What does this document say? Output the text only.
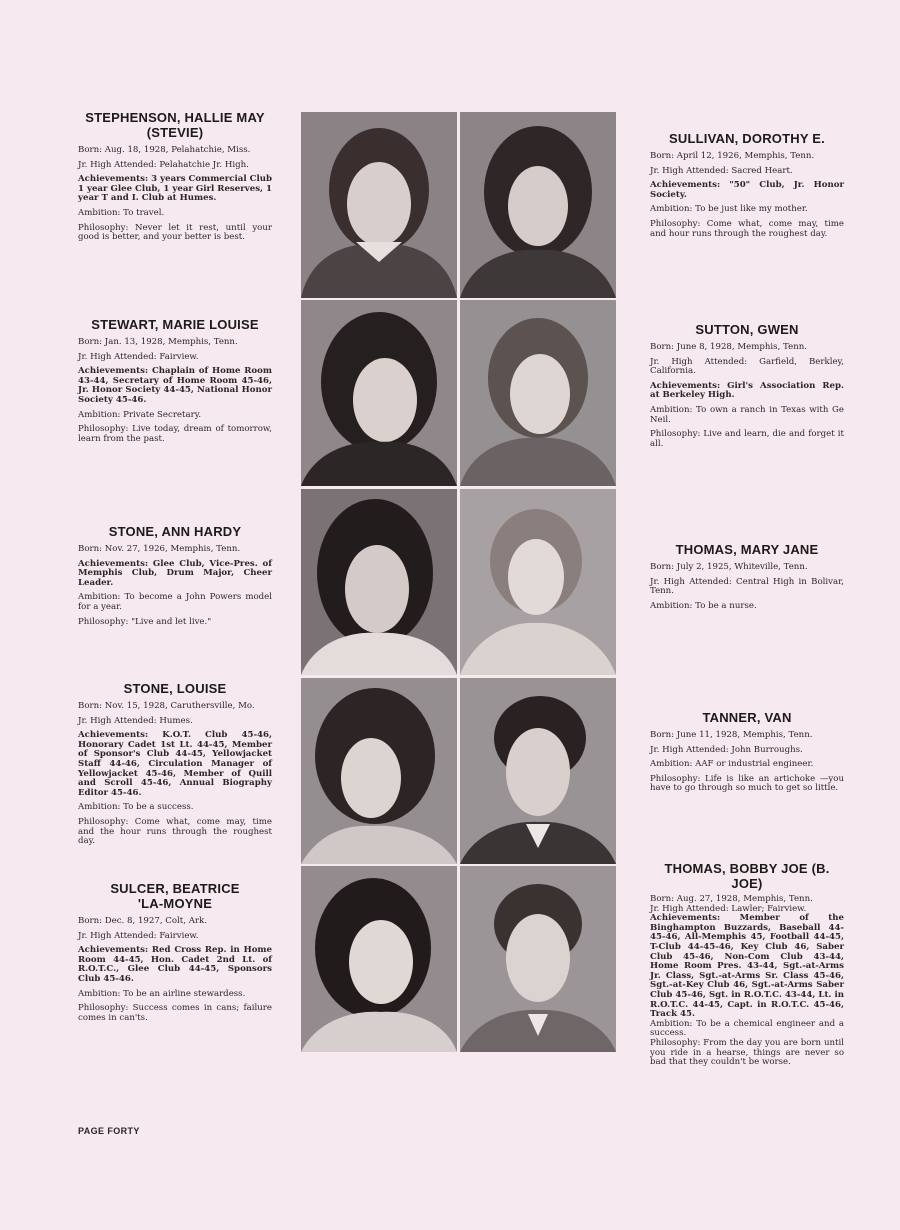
STEPHENSON, HALLIE MAY (STEVIE)

Born: Aug. 18, 1928, Pelahatchie, Miss.

Jr. High Attended: Pelahatchie Jr. High.

Achievements: 3 years Commercial Club 1 year Glee Club, 1 year Girl Reserves, 1 year T and I. Club at Humes.

Ambition: To travel.

Philosophy: Never let it rest, until your good is better, and your better is best.

STEWART, MARIE LOUISE

Born: Jan. 13, 1928, Memphis, Tenn.

Jr. High Attended: Fairview.

Achievements: Chaplain of Home Room 43-44, Secretary of Home Room 45-46, Jr. Honor Society 44-45, National Honor Society 45-46.

Ambition: Private Secretary.

Philosophy: Live today, dream of tomorrow, learn from the past.

STONE, ANN HARDY

Born: Nov. 27, 1926, Memphis, Tenn.

Achievements: Glee Club, Vice-Pres. of Memphis Club, Drum Major, Cheer Leader.

Ambition: To become a John Powers model for a year.

Philosophy: "Live and let live."

STONE, LOUISE

Born: Nov. 15, 1928, Caruthersville, Mo.

Jr. High Attended: Humes.

Achievements: K.O.T. Club 45-46, Honorary Cadet 1st Lt. 44-45, Member of Sponsor's Club 44-45, Yellowjacket Staff 44-46, Circulation Manager of Yellowjacket 45-46, Member of Quill and Scroll 45-46, Annual Biography Editor 45-46.

Ambition: To be a success.

Philosophy: Come what, come may, time and the hour runs through the roughest day.

SULCER, BEATRICE 'LA-MOYNE

Born: Dec. 8, 1927, Colt, Ark.

Jr. High Attended: Fairview.

Achievements: Red Cross Rep. in Home Room 44-45, Hon. Cadet 2nd Lt. of R.O.T.C., Glee Club 44-45, Sponsors Club 45-46.

Ambition: To be an airline stewardess.

Philosophy: Success comes in cans; failure comes in can'ts.

SULLIVAN, DOROTHY E.

Born: April 12, 1926, Memphis, Tenn.

Jr. High Attended: Sacred Heart.

Achievements: "50" Club, Jr. Honor Society.

Ambition: To be just like my mother.

Philosophy: Come what, come may, time and hour runs through the roughest day.

SUTTON, GWEN

Born: June 8, 1928, Memphis, Tenn.

Jr. High Attended: Garfield, Berkley, California.

Achievements: Girl's Association Rep. at Berkeley High.

Ambition: To own a ranch in Texas with Ge Neil.

Philosophy: Live and learn, die and forget it all.

THOMAS, MARY JANE

Born: July 2, 1925, Whiteville, Tenn.

Jr. High Attended: Central High in Bolivar, Tenn.

Ambition: To be a nurse.

TANNER, VAN

Born: June 11, 1928, Memphis, Tenn.

Jr. High Attended: John Burroughs.

Ambition: AAF or industrial engineer.

Philosophy: Life is like an artichoke —you have to go through so much to get so little.

THOMAS, BOBBY JOE (B. JOE)

Born: Aug. 27, 1928, Memphis, Tenn.

Jr. High Attended: Lawler; Fairview.

Achievements: Member of the Binghampton Buzzards, Baseball 44-45-46, All-Memphis 45, Football 44-45, T-Club 44-45-46, Key Club 46, Saber Club 45-46, Non-Com Club 43-44, Home Room Pres. 43-44, Sgt.-at-Arms Jr. Class, Sgt.-at-Arms Sr. Class 45-46, Sgt.-at-Key Club 46, Sgt.-at-Arms Saber Club 45-46, Sgt. in R.O.T.C. 43-44, Lt. in R.O.T.C. 44-45, Capt. in R.O.T.C. 45-46, Track 45.

Ambition: To be a chemical engineer and a success.

Philosophy: From the day you are born until you ride in a hearse, things are never so bad that they couldn't be worse.

PAGE FORTY
